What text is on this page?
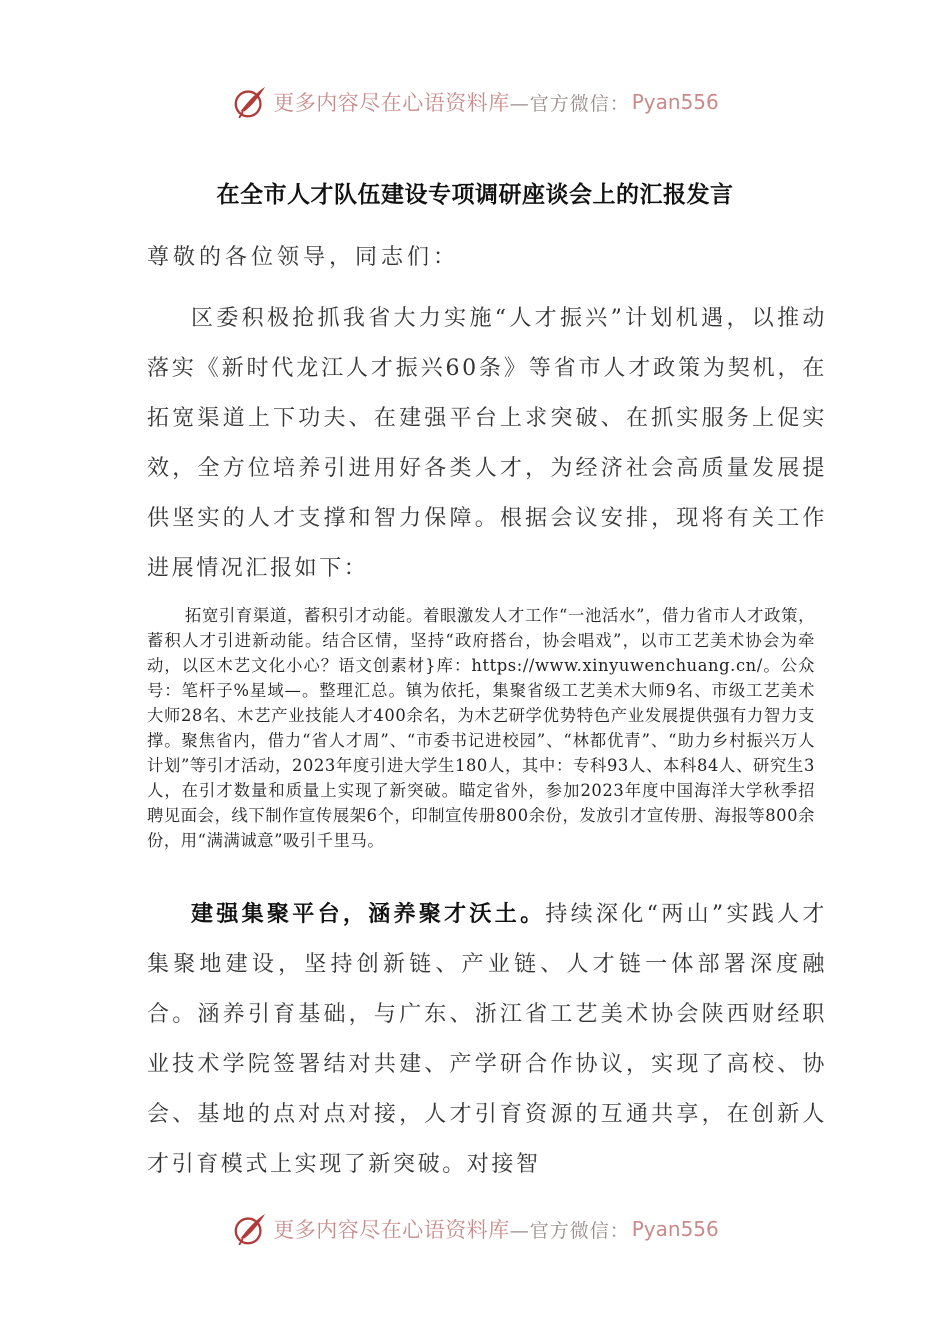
更多内容尽在心语资料库 —官方微信： Pyan556
在全市人才队伍建设专项调研座谈会上的汇报发言

尊敬的各位领导，同志们：

区委积极抢抓我省大力实施“人才振兴”计划机遇，以推动落实《新时代龙江人才振兴60条》等省市人才政策为契机，在拓宽渠道上下功夫、在建强平台上求突破、在抓实服务上促实效，全方位培养引进用好各类人才，为经济社会高质量发展提供坚实的人才支撑和智力保障。根据会议安排，现将有关工作进展情况汇报如下：

拓宽引育渠道，蓄积引才动能。着眼激发人才工作“一池活水”，借力省市人才政策，蓄积人才引进新动能。结合区情，坚持“政府搭台，协会唱戏”，以市工艺美术协会为牵动，以区木艺文化小心？语文创素材}库：https://www.xinyuwenchuang.cn/。公众号：笔杆子%星域—。整理汇总。镇为依托，集聚省级工艺美术大师9名、市级工艺美术大师28名、木艺产业技能人才400余名，为木艺研学优势特色产业发展提供强有力智力支撑。聚焦省内，借力“省人才周”、“市委书记进校园”、“林都优青”、“助力乡村振兴万人计划”等引才活动，2023年度引进大学生180人，其中：专科93人、本科84人、研究生3人，在引才数量和质量上实现了新突破。瞄定省外，参加2023年度中国海洋大学秋季招聘见面会，线下制作宣传展架6个，印制宣传册800余份，发放引才宣传册、海报等800余份，用“满满诚意”吸引千里马。

建强集聚平台，涵养聚才沃土。持续深化“两山”实践人才集聚地建设，坚持创新链、产业链、人才链一体部署深度融合。涵养引育基础，与广东、浙江省工艺美术协会陕西财经职业技术学院签署结对共建、产学研合作协议，实现了高校、协会、基地的点对点对接，人才引育资源的互通共享，在创新人才引育模式上实现了新突破。对接智

更多内容尽在心语资料库 —官方微信： Pyan556
